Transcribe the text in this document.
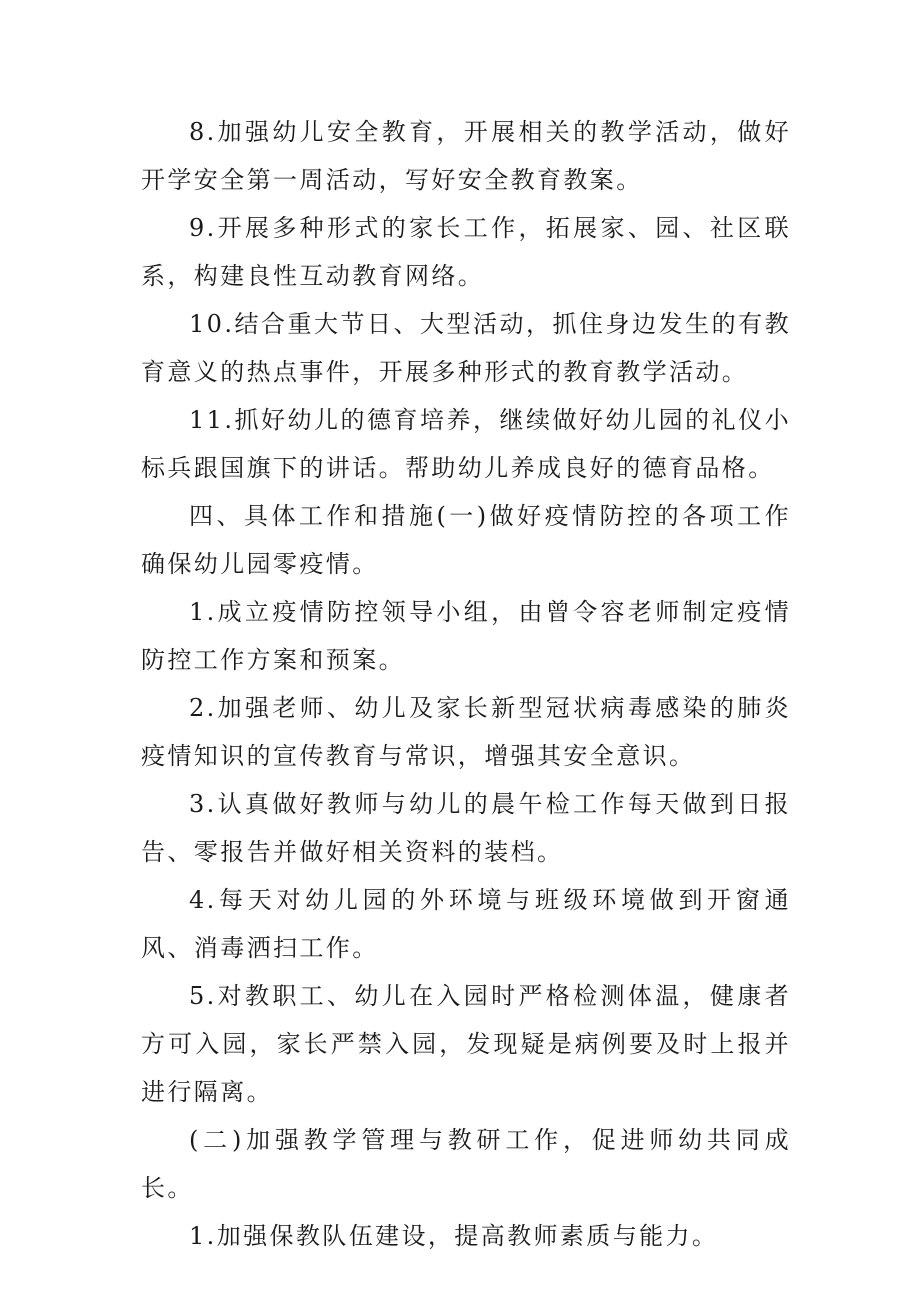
8.加强幼儿安全教育，开展相关的教学活动，做好开学安全第一周活动，写好安全教育教案。

9.开展多种形式的家长工作，拓展家、园、社区联系，构建良性互动教育网络。

10.结合重大节日、大型活动，抓住身边发生的有教育意义的热点事件，开展多种形式的教育教学活动。

11.抓好幼儿的德育培养，继续做好幼儿园的礼仪小标兵跟国旗下的讲话。帮助幼儿养成良好的德育品格。

四、具体工作和措施(一)做好疫情防控的各项工作确保幼儿园零疫情。

1.成立疫情防控领导小组，由曾令容老师制定疫情防控工作方案和预案。

2.加强老师、幼儿及家长新型冠状病毒感染的肺炎疫情知识的宣传教育与常识，增强其安全意识。

3.认真做好教师与幼儿的晨午检工作每天做到日报告、零报告并做好相关资料的装档。

4.每天对幼儿园的外环境与班级环境做到开窗通风、消毒洒扫工作。

5.对教职工、幼儿在入园时严格检测体温，健康者方可入园，家长严禁入园，发现疑是病例要及时上报并进行隔离。

(二)加强教学管理与教研工作，促进师幼共同成长。

1.加强保教队伍建设，提高教师素质与能力。
